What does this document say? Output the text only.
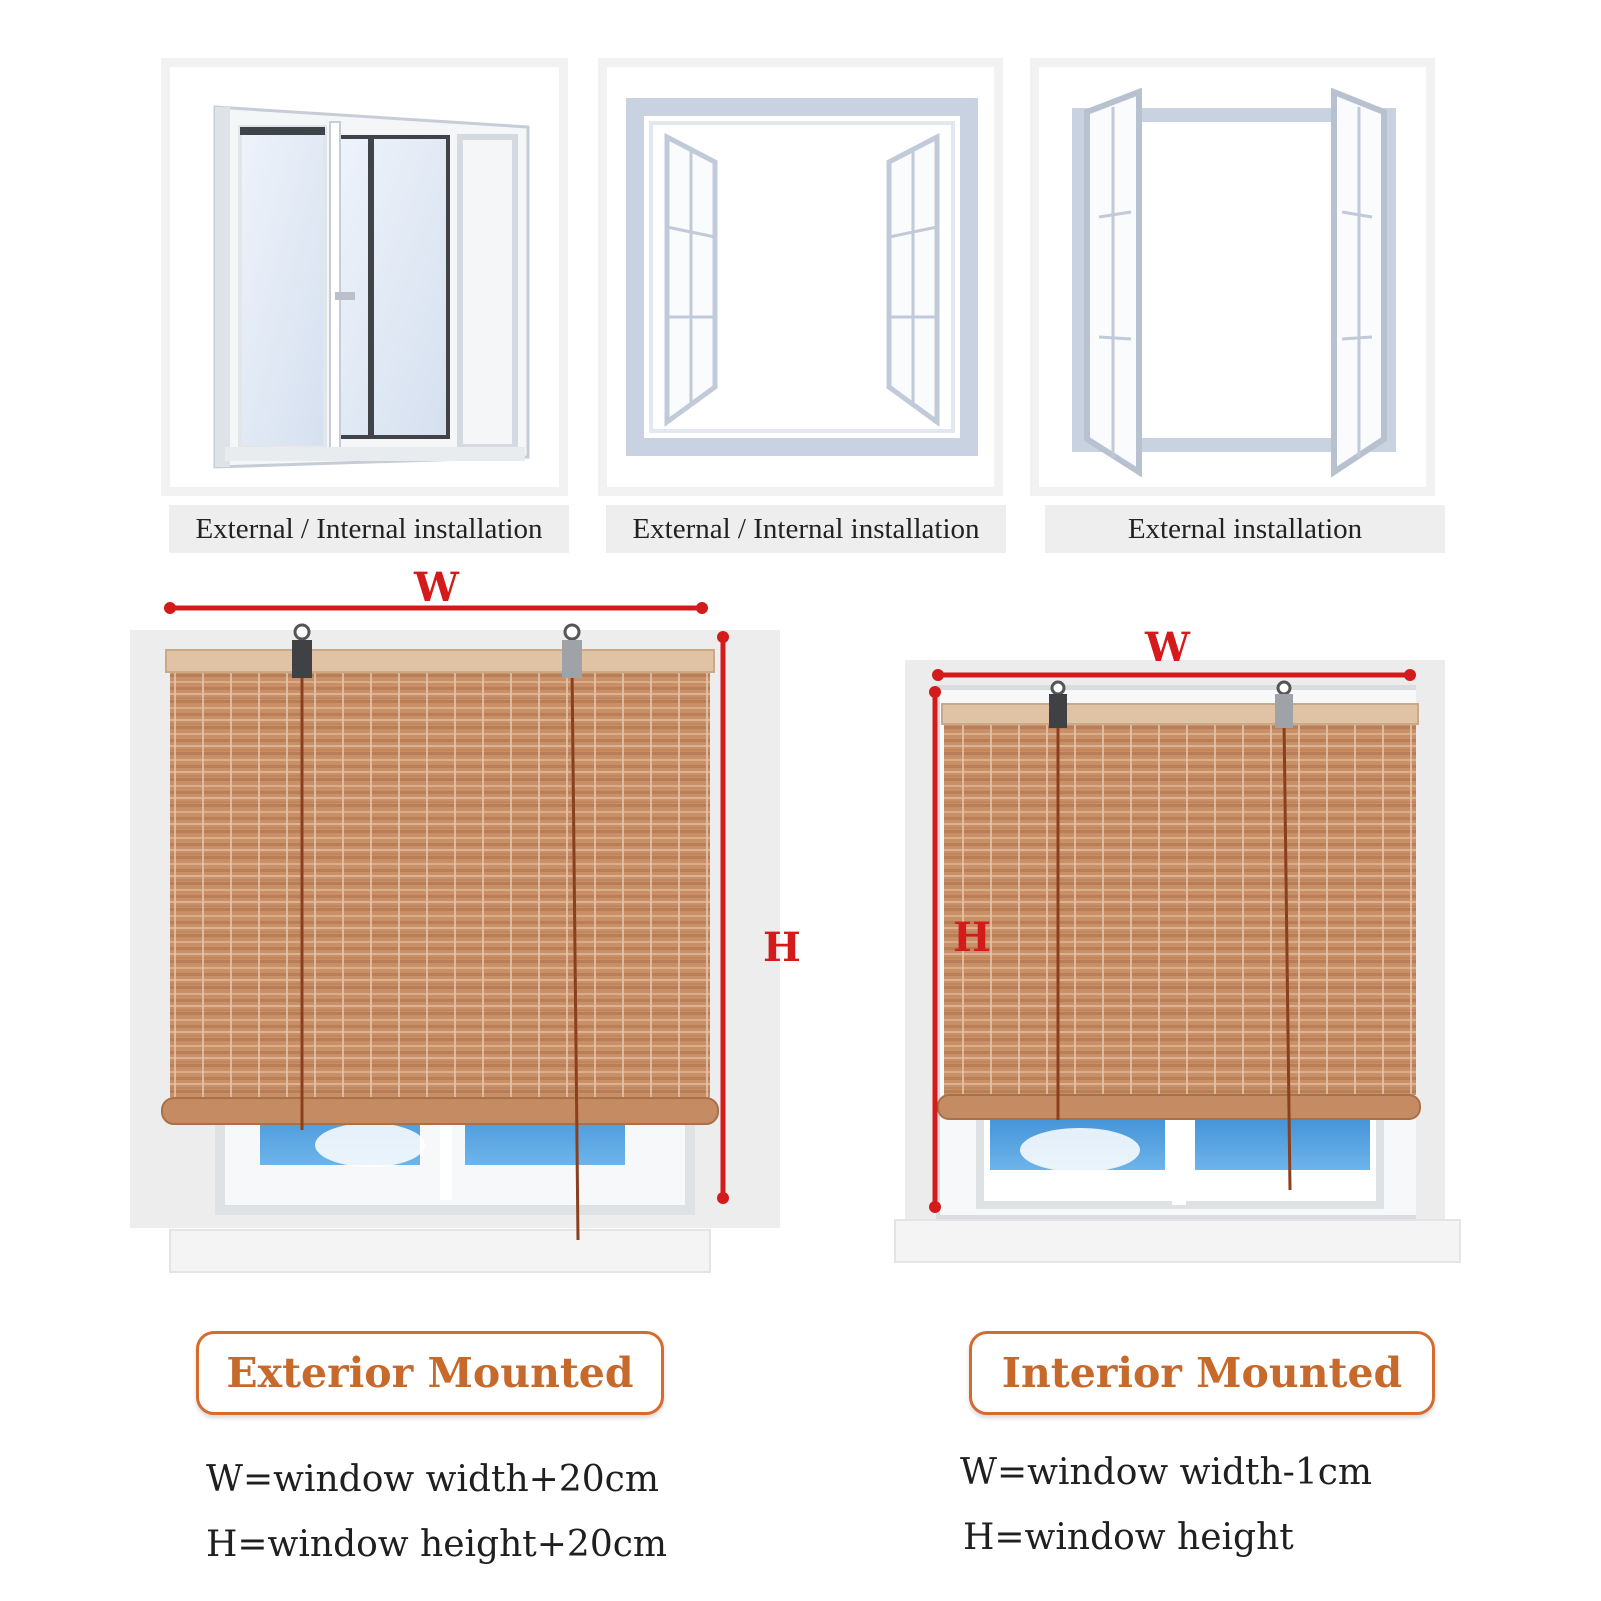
External / Internal installation	External / Internal installation	External installation
W
H
W
H
Exterior Mounted	Interior Mounted
W=window width+20cm
H=window height+20cm
W=window width-1cm
H=window height
